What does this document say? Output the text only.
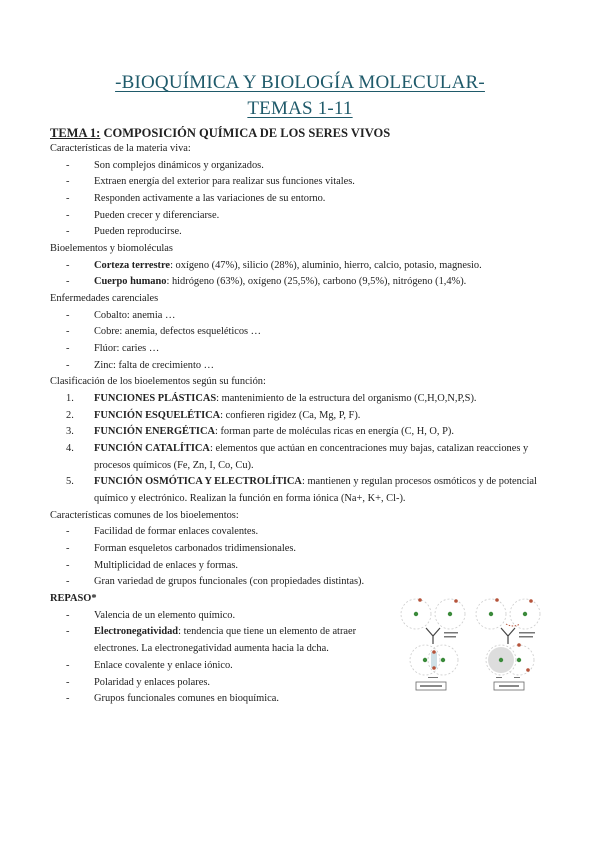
-BIOQUÍMICA Y BIOLOGÍA MOLECULAR-
TEMAS 1-11
TEMA 1: COMPOSICIÓN QUÍMICA DE LOS SERES VIVOS

Características de la materia viva:

- Son complejos dinámicos y organizados.
- Extraen energía del exterior para realizar sus funciones vitales.
- Responden activamente a las variaciones de su entorno.
- Pueden crecer y diferenciarse.
- Pueden reproducirse.

Bioelementos y biomoléculas

- Corteza terrestre: oxígeno (47%), silicio (28%), aluminio, hierro, calcio, potasio, magnesio.
- Cuerpo humano: hidrógeno (63%), oxígeno (25,5%), carbono (9,5%), nitrógeno (1,4%).

Enfermedades carenciales

- Cobalto: anemia …
- Cobre: anemia, defectos esqueléticos …
- Flúor: caries …
- Zinc: falta de crecimiento …

Clasificación de los bioelementos según su función:

1. FUNCIONES PLÁSTICAS: mantenimiento de la estructura del organismo (C,H,O,N,P,S).
2. FUNCIÓN ESQUELÉTICA: confieren rigidez (Ca, Mg, P, F).
3. FUNCIÓN ENERGÉTICA: forman parte de moléculas ricas en energía (C, H, O, P).
4. FUNCIÓN CATALÍTICA: elementos que actúan en concentraciones muy bajas, catalizan reacciones y procesos químicos (Fe, Zn, I, Co, Cu).
5. FUNCIÓN OSMÓTICA Y ELECTROLÍTICA: mantienen y regulan procesos osmóticos y de potencial químico y electrónico. Realizan la función en forma iónica (Na+, K+, Cl-).

Características comunes de los bioelementos:

- Facilidad de formar enlaces covalentes.
- Forman esqueletos carbonados tridimensionales.
- Multiplicidad de enlaces y formas.
- Gran variedad de grupos funcionales (con propiedades distintas).

REPASO*

- Valencia de un elemento químico.
- Electronegatividad: tendencia que tiene un elemento de atraer electrones. La electronegatividad aumenta hacia la dcha.
- Enlace covalente y enlace iónico.
- Polaridad y enlaces polares.
- Grupos funcionales comunes en bioquímica.
